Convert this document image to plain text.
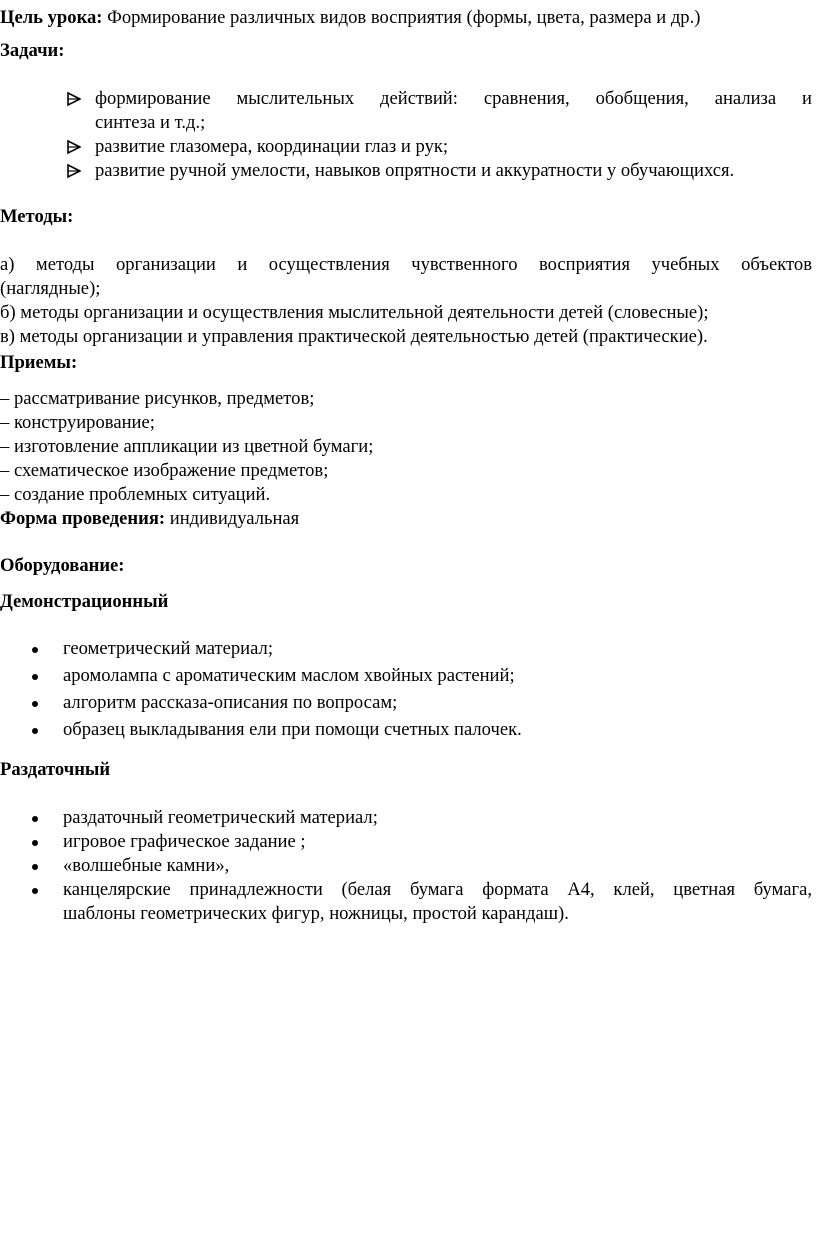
Цель урока: Формирование различных видов восприятия (формы, цвета, размера и др.)

Задачи:

формирование мыслительных действий: сравнения, обобщения, анализа и
синтеза и т.д.;
развитие глазомера, координации глаз и рук;
развитие ручной умелости, навыков опрятности и аккуратности у обучающихся.

Методы:

а) методы организации и осуществления чувственного восприятия учебных объектов
(наглядные);
б) методы организации и осуществления мыслительной деятельности детей (словесные);
в) методы организации и управления практической деятельностью детей (практические).

Приемы:

– рассматривание рисунков, предметов;
– конструирование;
– изготовление аппликации из цветной бумаги;
– схематическое изображение предметов;
– создание проблемных ситуаций.

Форма проведения: индивидуальная

Оборудование:

Демонстрационный

геометрический материал;
аромолампа с ароматическим маслом хвойных растений;
алгоритм рассказа-описания по вопросам;
образец выкладывания ели при помощи счетных палочек.

Раздаточный

раздаточный геометрический материал;
игровое графическое задание ;
«волшебные камни»,
канцелярские принадлежности (белая бумага формата А4, клей, цветная бумага,
шаблоны геометрических фигур, ножницы, простой карандаш).
